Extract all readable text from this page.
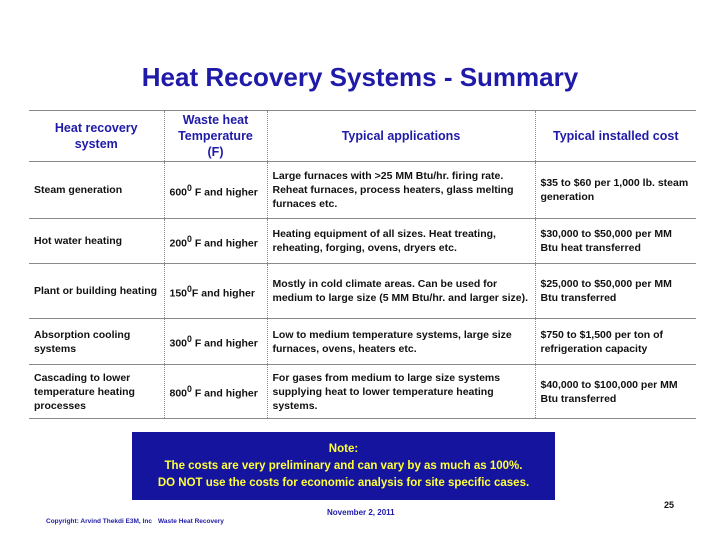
Heat Recovery Systems - Summary
Heat recovery system	Waste heat Temperature (F)	Typical applications	Typical installed cost
Steam generation	$600^0$ F and higher	Large furnaces with >25 MM Btu/hr. firing rate. Reheat furnaces, process heaters, glass melting furnaces etc.	$35 to $60 per 1,000 lb. steam generation
Hot water heating	$200^0$ F and higher	Heating equipment of all sizes. Heat treating, reheating, forging, ovens, dryers etc.	$30,000 to $50,000 per MM Btu heat transferred
Plant or building heating	$150^0F$ and higher	Mostly in cold climate areas. Can be used for medium to large size (5 MM Btu/hr. and larger size).	$25,000 to $50,000 per MM Btu transferred
Absorption cooling systems	$300^0$ F and higher	Low to medium temperature systems, large size furnaces, ovens, heaters etc.	$750 to $1,500 per ton of refrigeration capacity
Cascading to lower temperature heating processes	$800^0$ F and higher	For gases from medium to large size systems supplying heat to lower temperature heating systems.	$40,000 to $100,000 per MM Btu transferred
Note:
The costs are very preliminary and can vary by as much as 100%.
DO NOT use the costs for economic analysis for site specific cases.
25
November 2, 2011
Copyright: Arvind Thekdi E3M, Inc Waste Heat Recovery
